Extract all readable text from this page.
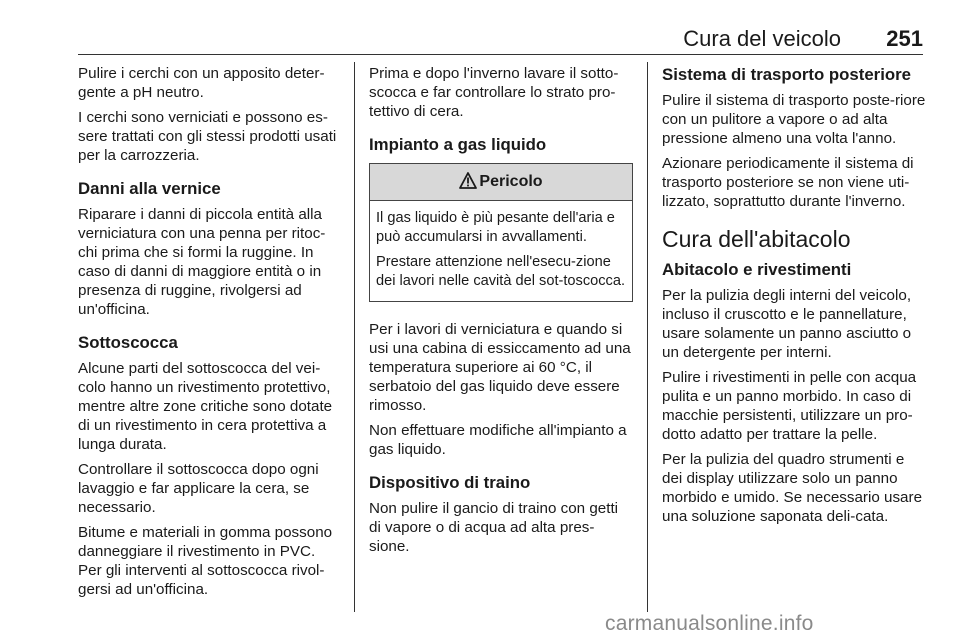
Cura del veicolo 251

Pulire i cerchi con un apposito deter-gente a pH neutro.

I cerchi sono verniciati e possono es-sere trattati con gli stessi prodotti usati per la carrozzeria.

Danni alla vernice

Riparare i danni di piccola entità alla verniciatura con una penna per ritoc-chi prima che si formi la ruggine. In caso di danni di maggiore entità o in presenza di ruggine, rivolgersi ad un'officina.

Sottoscocca

Alcune parti del sottoscocca del vei-colo hanno un rivestimento protettivo, mentre altre zone critiche sono dotate di un rivestimento in cera protettiva a lunga durata.

Controllare il sottoscocca dopo ogni lavaggio e far applicare la cera, se necessario.

Bitume e materiali in gomma possono danneggiare il rivestimento in PVC. Per gli interventi al sottoscocca rivol-gersi ad un'officina.

Prima e dopo l'inverno lavare il sotto-scocca e far controllare lo strato pro-tettivo di cera.

Impianto a gas liquido
Pericolo

Il gas liquido è più pesante dell'aria e può accumularsi in avvallamenti.

Prestare attenzione nell'esecu-zione dei lavori nelle cavità del sot-toscocca.

Per i lavori di verniciatura e quando si usi una cabina di essiccamento ad una temperatura superiore ai 60 °C, il serbatoio del gas liquido deve essere rimosso.

Non effettuare modifiche all'impianto a gas liquido.

Dispositivo di traino

Non pulire il gancio di traino con getti di vapore o di acqua ad alta pres-sione.

Sistema di trasporto posteriore

Pulire il sistema di trasporto poste-riore con un pulitore a vapore o ad alta pressione almeno una volta l'anno.

Azionare periodicamente il sistema di trasporto posteriore se non viene uti-lizzato, soprattutto durante l'inverno.

Cura dell'abitacolo
Abitacolo e rivestimenti

Per la pulizia degli interni del veicolo, incluso il cruscotto e le pannellature, usare solamente un panno asciutto o un detergente per interni.

Pulire i rivestimenti in pelle con acqua pulita e un panno morbido. In caso di macchie persistenti, utilizzare un pro-dotto adatto per trattare la pelle.

Per la pulizia del quadro strumenti e dei display utilizzare solo un panno morbido e umido. Se necessario usare una soluzione saponata deli-cata.

carmanualsonline.info
